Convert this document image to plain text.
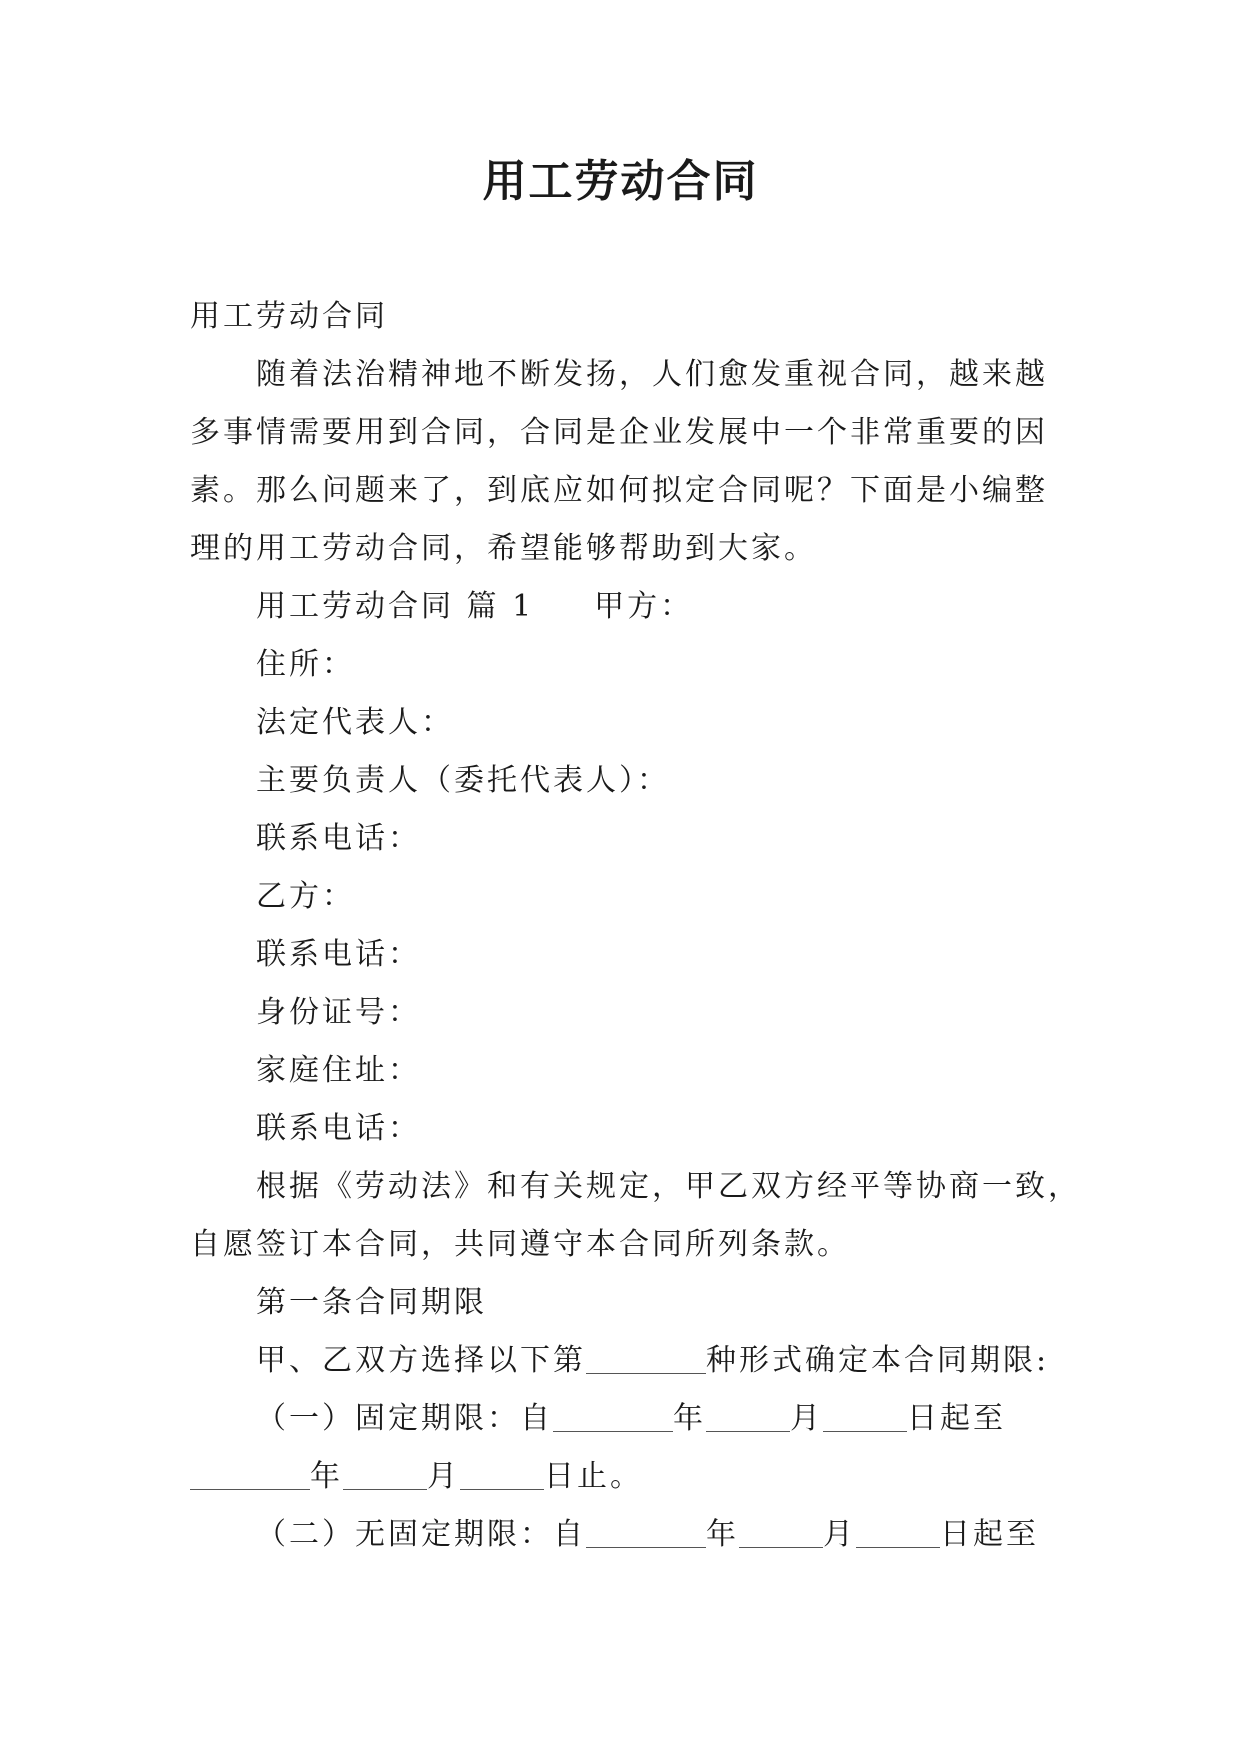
用工劳动合同

用工劳动合同

随着法治精神地不断发扬，人们愈发重视合同，越来越

多事情需要用到合同，合同是企业发展中一个非常重要的因

素。那么问题来了，到底应如何拟定合同呢？下面是小编整

理的用工劳动合同，希望能够帮助到大家。

用工劳动合同 篇 1 甲方：

住所：

法定代表人：

主要负责人（委托代表人）：

联系电话：

乙方：

联系电话：

身份证号：

家庭住址：

联系电话：

根据《劳动法》和有关规定，甲乙双方经平等协商一致，

自愿签订本合同，共同遵守本合同所列条款。

第一条合同期限

甲、乙双方选择以下第	种形式确定本合同期限:

（一）固定期限：自	年	月	日起至

年	月	日止。

（二）无固定期限：自	年	月	日起至
